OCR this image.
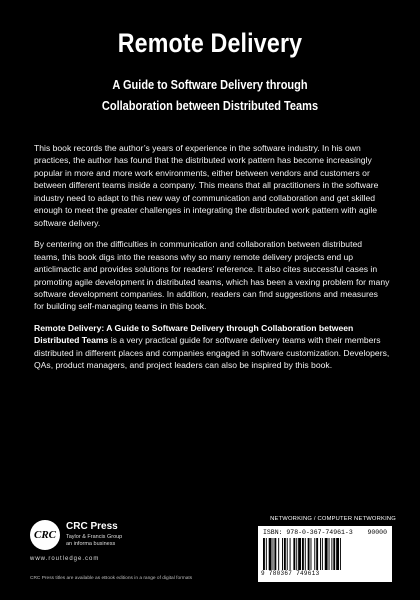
Remote Delivery
A Guide to Software Delivery through
Collaboration between Distributed Teams

This book records the author’s years of experience in the software industry. In his own practices, the author has found that the distributed work pattern has become increasingly popular in more and more work environments, either between vendors and customers or between different teams inside a company. This means that all practitioners in the software industry need to adapt to this new way of communication and collaboration and get skilled enough to meet the greater challenges in integrating the distributed work pattern with agile software delivery.

By centering on the difficulties in communication and collaboration between distributed teams, this book digs into the reasons why so many remote delivery projects end up anticlimactic and provides solutions for readers’ reference. It also cites successful cases in promoting agile development in distributed teams, which has been a vexing problem for many software development companies. In addition, readers can find suggestions and measures for building self-managing teams in this book.

Remote Delivery: A Guide to Software Delivery through Collaboration between Distributed Teams is a very practical guide for software delivery teams with their members distributed in different places and companies engaged in software customization. Developers, QAs, product managers, and project leaders can also be inspired by this book.

CRC
CRC Press
Taylor & Francis Group
an informa business
www.routledge.com
CRC Press titles are available as eBook editions in a range of digital formats
NETWORKING / COMPUTER NETWORKING
ISBN: 978-0-367-74961-3 90000
9 780367 749613
